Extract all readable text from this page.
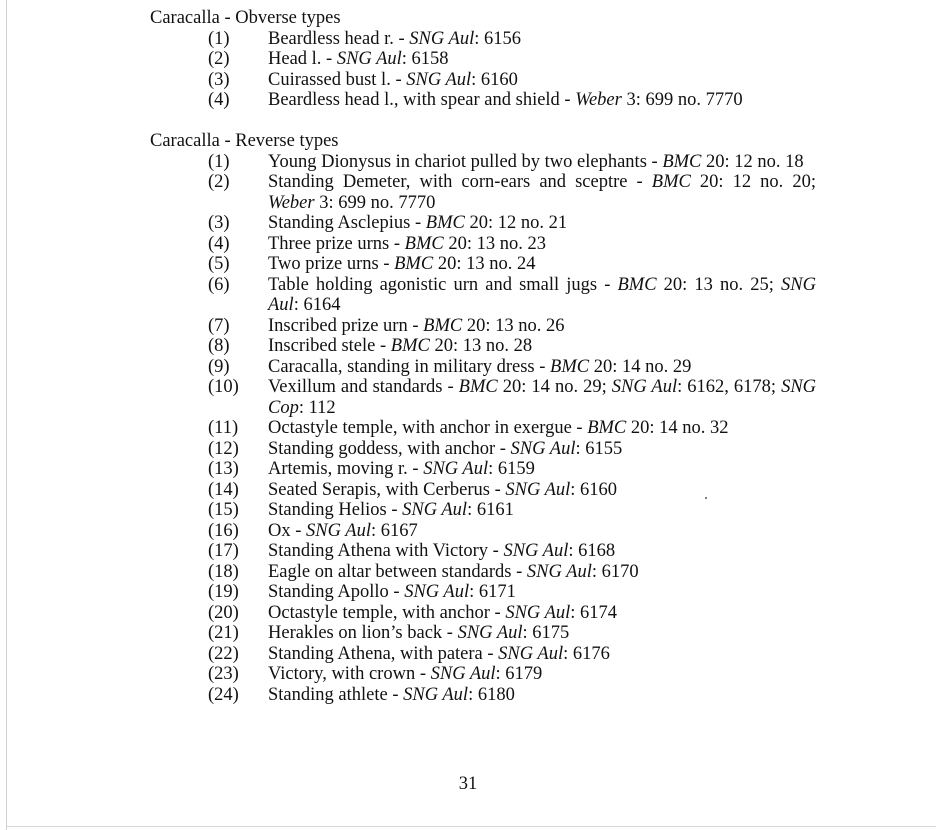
Caracalla - Obverse types
(1)	Beardless head r. - SNG Aul: 6156
(2)	Head l. - SNG Aul: 6158
(3)	Cuirassed bust l. - SNG Aul: 6160
(4)	Beardless head l., with spear and shield - Weber 3: 699 no. 7770
Caracalla - Reverse types
(1)	Young Dionysus in chariot pulled by two elephants - BMC 20: 12 no. 18
(2)	Standing Demeter, with corn-ears and sceptre - BMC 20: 12 no. 20; Weber 3: 699 no. 7770
(3)	Standing Asclepius - BMC 20: 12 no. 21
(4)	Three prize urns - BMC 20: 13 no. 23
(5)	Two prize urns - BMC 20: 13 no. 24
(6)	Table holding agonistic urn and small jugs - BMC 20: 13 no. 25; SNG Aul: 6164
(7)	Inscribed prize urn - BMC 20: 13 no. 26
(8)	Inscribed stele - BMC 20: 13 no. 28
(9)	Caracalla, standing in military dress - BMC 20: 14 no. 29
(10)	Vexillum and standards - BMC 20: 14 no. 29; SNG Aul: 6162, 6178; SNG Cop: 112
(11)	Octastyle temple, with anchor in exergue - BMC 20: 14 no. 32
(12)	Standing goddess, with anchor - SNG Aul: 6155
(13)	Artemis, moving r. - SNG Aul: 6159
(14)	Seated Serapis, with Cerberus - SNG Aul: 6160
(15)	Standing Helios - SNG Aul: 6161
(16)	Ox - SNG Aul: 6167
(17)	Standing Athena with Victory - SNG Aul: 6168
(18)	Eagle on altar between standards - SNG Aul: 6170
(19)	Standing Apollo - SNG Aul: 6171
(20)	Octastyle temple, with anchor - SNG Aul: 6174
(21)	Herakles on lion’s back - SNG Aul: 6175
(22)	Standing Athena, with patera - SNG Aul: 6176
(23)	Victory, with crown - SNG Aul: 6179
(24)	Standing athlete - SNG Aul: 6180
31
